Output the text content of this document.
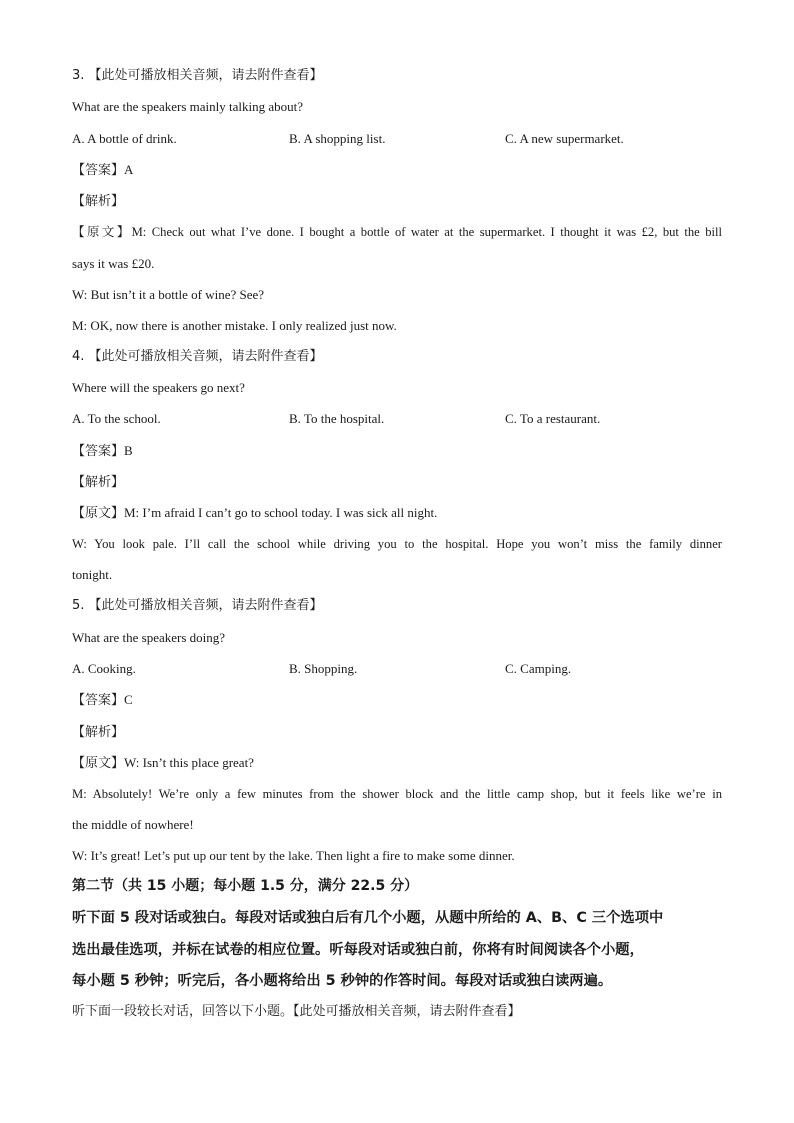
3. 【此处可播放相关音频，请去附件查看】
What are the speakers mainly talking about?
A. A bottle of drink.	B. A shopping list.	C. A new supermarket.
【答案】A
【解析】
【原文】M: Check out what I’ve done. I bought a bottle of water at the supermarket. I thought it was £2, but the bill
says it was £20.
W: But isn’t it a bottle of wine? See?
M: OK, now there is another mistake. I only realized just now.
4. 【此处可播放相关音频，请去附件查看】
Where will the speakers go next?
A. To the school.	B. To the hospital.	C. To a restaurant.
【答案】B
【解析】
【原文】M: I’m afraid I can’t go to school today. I was sick all night.
W: You look pale. I’ll call the school while driving you to the hospital. Hope you won’t miss the family dinner
tonight.
5. 【此处可播放相关音频，请去附件查看】
What are the speakers doing?
A. Cooking.	B. Shopping.	C. Camping.
【答案】C
【解析】
【原文】W: Isn’t this place great?
M: Absolutely! We’re only a few minutes from the shower block and the little camp shop, but it feels like we’re in
the middle of nowhere!
W: It’s great! Let’s put up our tent by the lake. Then light a fire to make some dinner.
第二节（共 15 小题；每小题 1.5 分，满分 22.5 分）
听下面 5 段对话或独白。每段对话或独白后有几个小题，从题中所给的 A、B、C 三个选项中
选出最佳选项，并标在试卷的相应位置。听每段对话或独白前，你将有时间阅读各个小题，
每小题 5 秒钟；听完后，各小题将给出 5 秒钟的作答时间。每段对话或独白读两遍。
听下面一段较长对话，回答以下小题。【此处可播放相关音频，请去附件查看】
